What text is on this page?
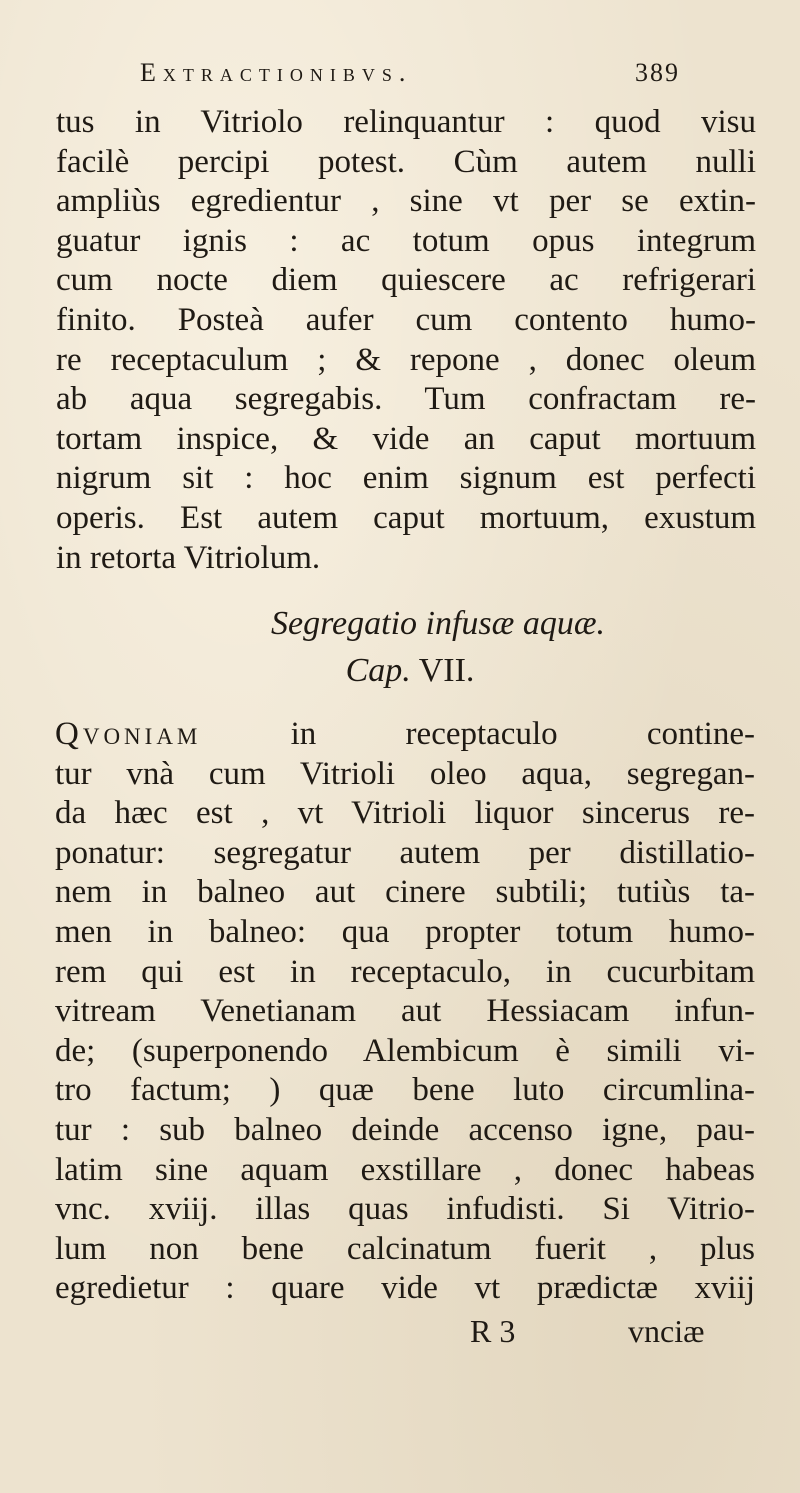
Extractionibvs.	389
tus in Vitriolo relinquantur : quod visu
facilè percipi potest. Cùm autem nulli
ampliùs egredientur , sine vt per se extin-
guatur ignis : ac totum opus integrum
cum nocte diem quiescere ac refrigerari
finito. Posteà aufer cum contento humo-
re receptaculum ; & repone , donec oleum
ab aqua segregabis. Tum confractam re-
tortam inspice, & vide an caput mortuum
nigrum sit : hoc enim signum est perfecti
operis. Est autem caput mortuum, exustum
in retorta Vitriolum.
Segregatio infusæ aquæ.
Cap. VII.
Qvoniam	in receptaculo contine-
tur vnà cum Vitrioli oleo aqua, segregan-
da hæc est , vt Vitrioli liquor sincerus re-
ponatur: segregatur autem per distillatio-
nem in balneo aut cinere subtili; tutiùs ta-
men in balneo: qua propter totum humo-
rem qui est in receptaculo, in cucurbitam
vitream Venetianam aut Hessiacam infun-
de; (superponendo Alembicum è simili vi-
tro factum; ) quæ bene luto circumlina-
tur : sub balneo deinde accenso igne, pau-
latim sine aquam exstillare , donec habeas
vnc. xviij. illas quas infudisti. Si Vitrio-
lum non bene calcinatum fuerit , plus
egredietur : quare vide vt prædictæ xviij
R 3	vnciæ
